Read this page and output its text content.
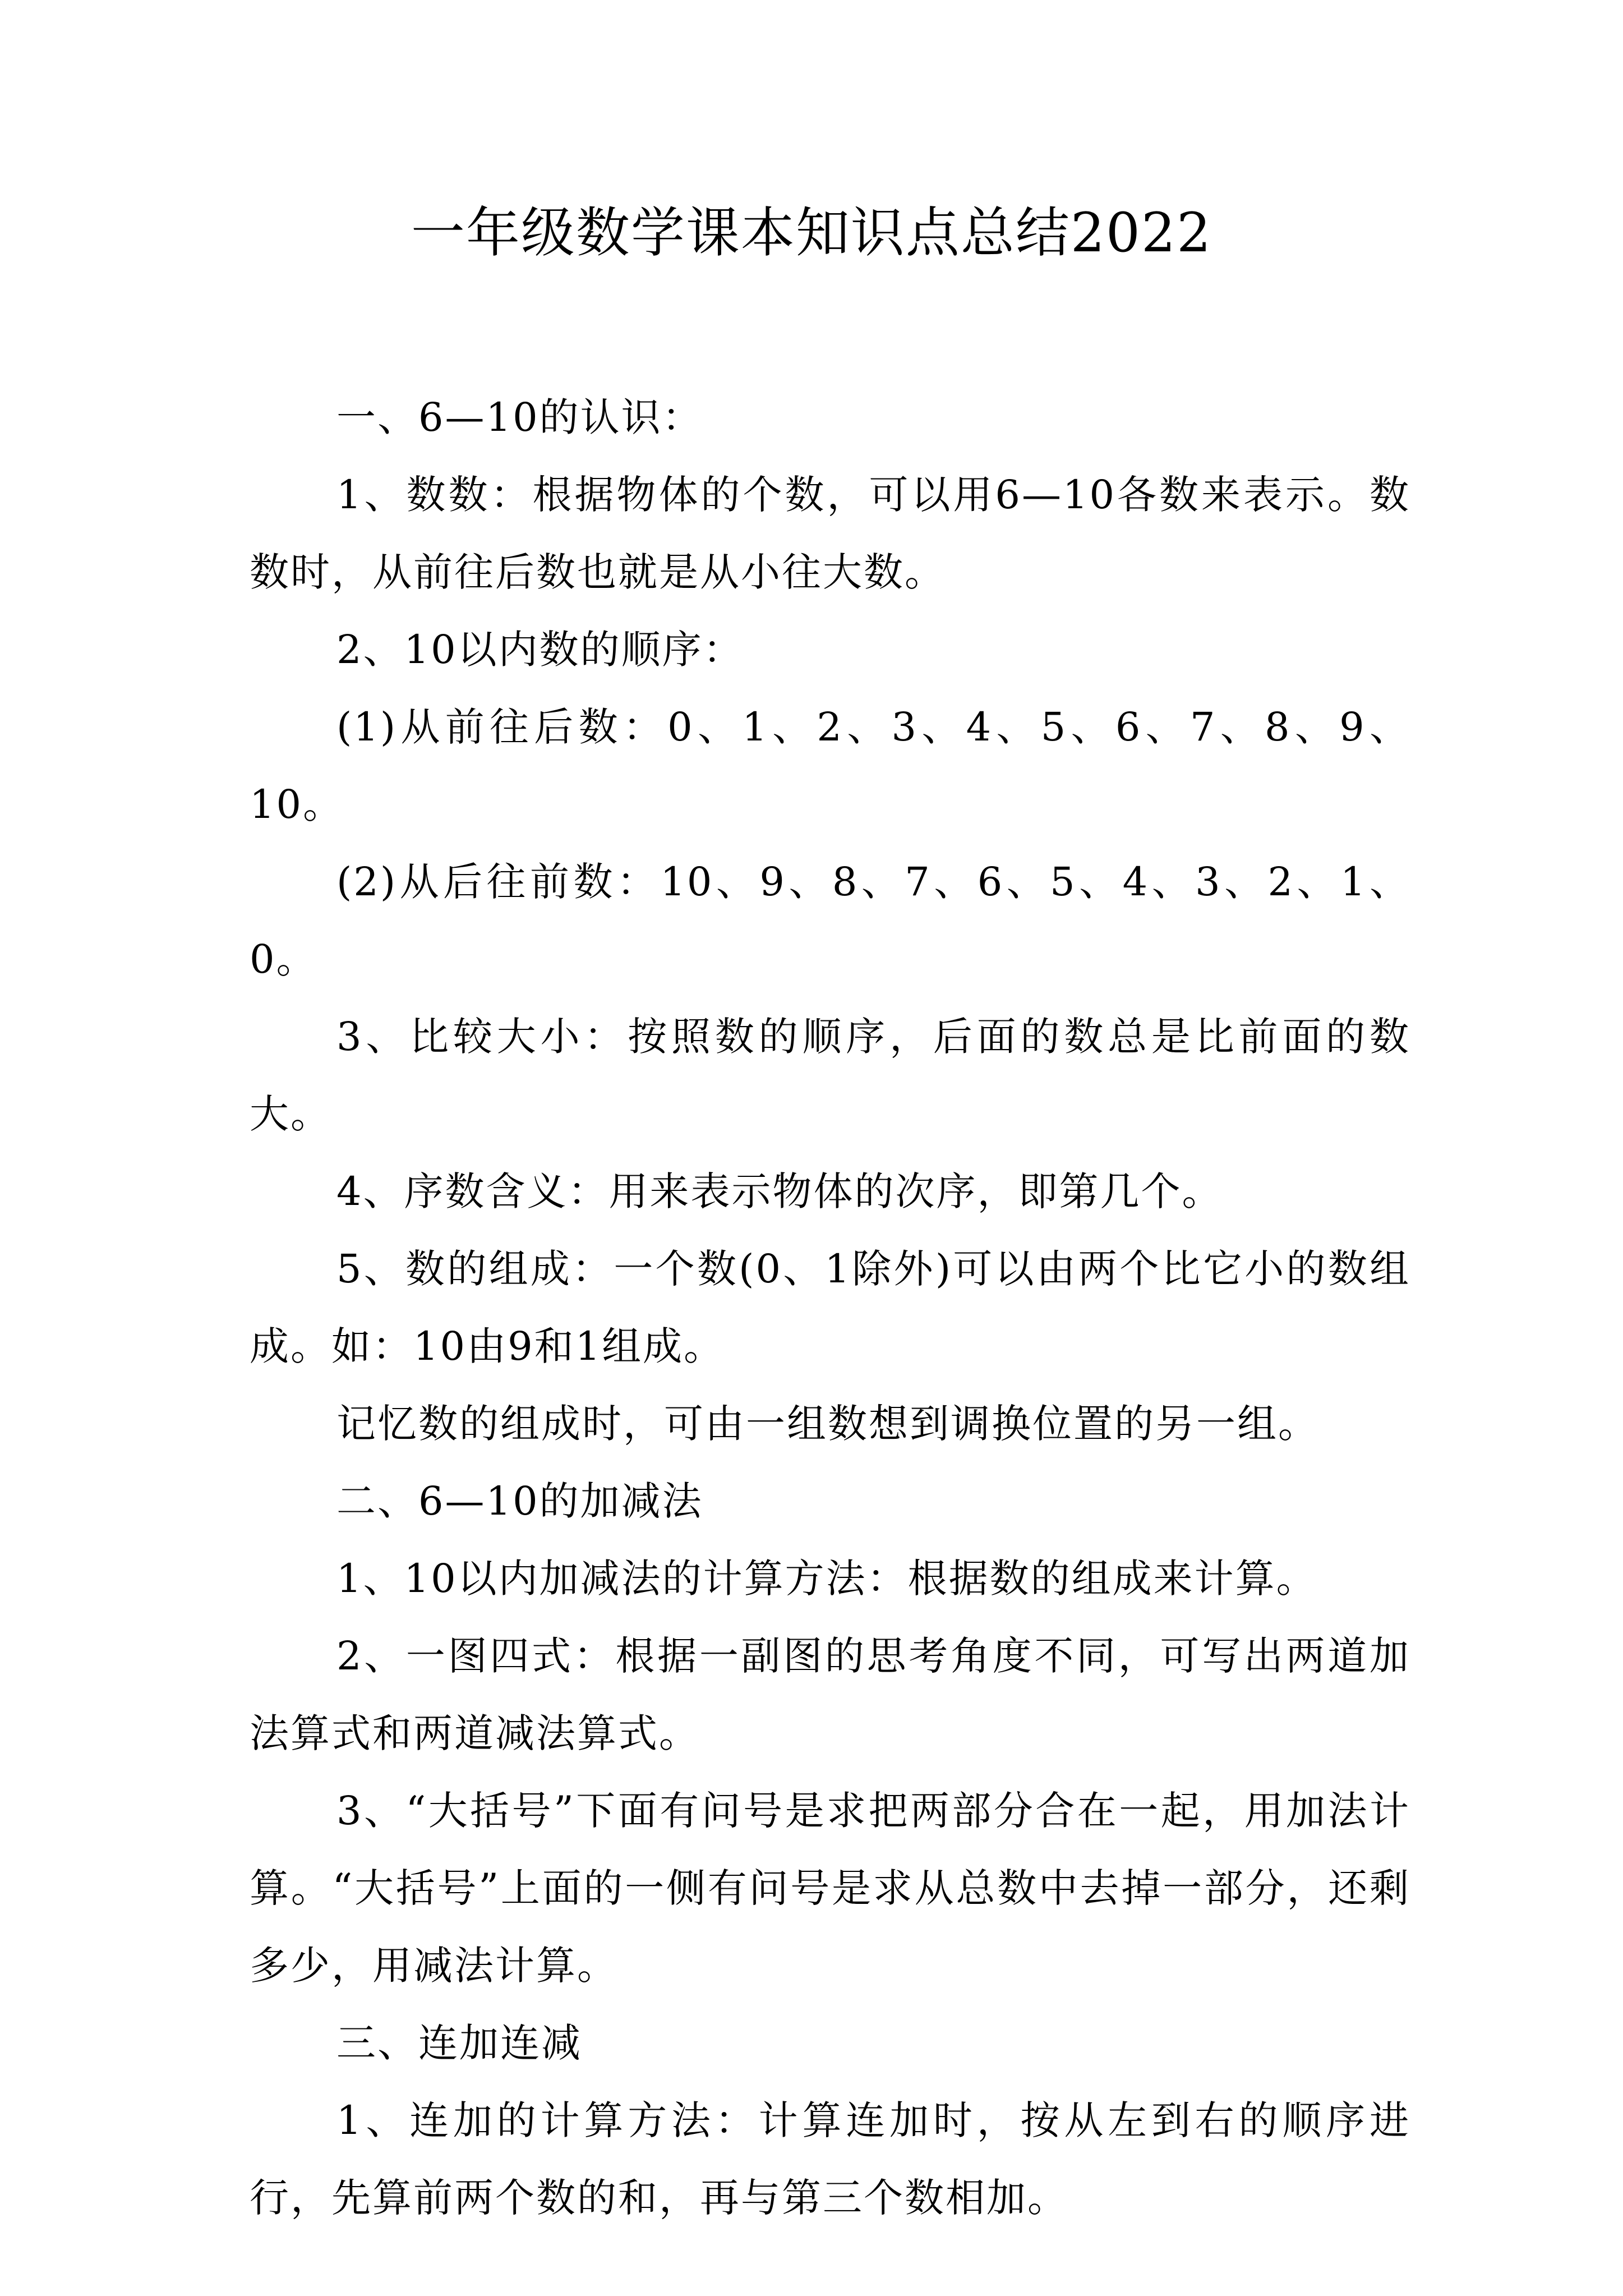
一年级数学课本知识点总结2022

一、6—10的认识：

1、数数：根据物体的个数，可以用6—10各数来表示。数数时，从前往后数也就是从小往大数。

2、10以内数的顺序：

(1)从前往后数：0、1、2、3、4、5、6、7、8、9、10。

(2)从后往前数：10、9、8、7、6、5、4、3、2、1、0。

3、比较大小：按照数的顺序，后面的数总是比前面的数大。

4、序数含义：用来表示物体的次序，即第几个。

5、数的组成：一个数(0、1除外)可以由两个比它小的数组成。如：10由9和1组成。

记忆数的组成时，可由一组数想到调换位置的另一组。

二、6—10的加减法

1、10以内加减法的计算方法：根据数的组成来计算。

2、一图四式：根据一副图的思考角度不同，可写出两道加法算式和两道减法算式。

3、“大括号”下面有问号是求把两部分合在一起，用加法计算。“大括号”上面的一侧有问号是求从总数中去掉一部分，还剩多少，用减法计算。

三、连加连减

1、连加的计算方法：计算连加时，按从左到右的顺序进行，先算前两个数的和，再与第三个数相加。
